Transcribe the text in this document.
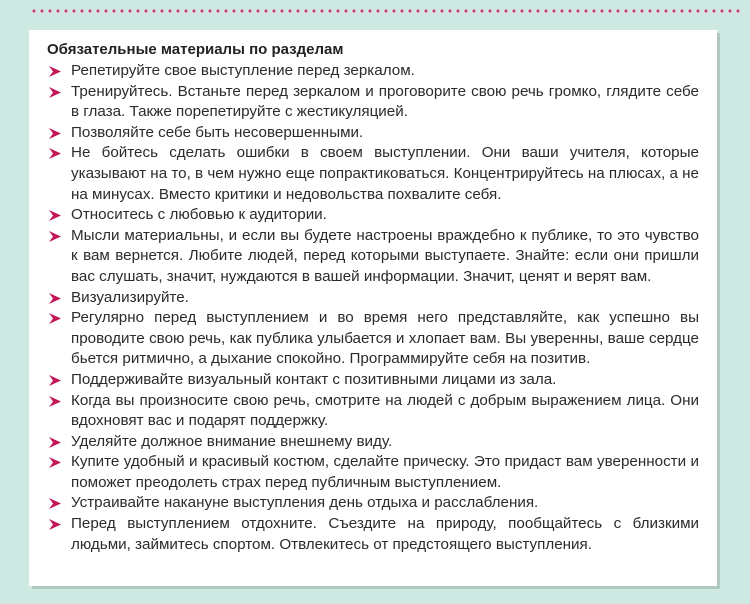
Обязательные материалы по разделам
Репетируйте свое выступление перед зеркалом.
Тренируйтесь. Встаньте перед зеркалом и проговорите свою речь громко, глядите себе в глаза. Также порепетируйте с жестикуляцией.
Позволяйте себе быть несовершенными.
Не бойтесь сделать ошибки в своем выступлении. Они ваши учителя, которые указывают на то, в чем нужно еще попрактиковаться. Концентрируйтесь на плюсах, а не на минусах. Вместо критики и недовольства похвалите себя.
Относитесь с любовью к аудитории.
Мысли материальны, и если вы будете настроены враждебно к публике, то это чувство к вам вернется. Любите людей, перед которыми выступаете. Знайте: если они пришли вас слушать, значит, нуждаются в вашей информации. Значит, ценят и верят вам.
Визуализируйте.
Регулярно перед выступлением и во время него представляйте, как успешно вы проводите свою речь, как публика улыбается и хлопает вам. Вы уверенны, ваше сердце бьется ритмично, а дыхание спокойно. Программируйте себя на позитив.
Поддерживайте визуальный контакт с позитивными лицами из зала.
Когда вы произносите свою речь, смотрите на людей с добрым выражением лица. Они вдохновят вас и подарят поддержку.
Уделяйте должное внимание внешнему виду.
Купите удобный и красивый костюм, сделайте прическу. Это придаст вам уверенности и поможет преодолеть страх перед публичным выступлением.
Устраивайте накануне выступления день отдыха и расслабления.
Перед выступлением отдохните. Съездите на природу, пообщайтесь с близкими людьми, займитесь спортом. Отвлекитесь от предстоящего выступления.
